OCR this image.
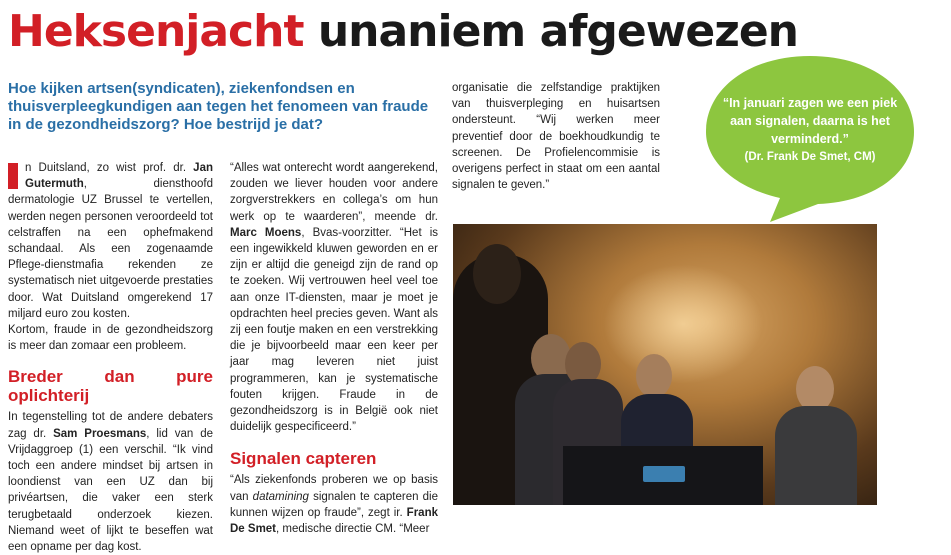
Heksenjacht unaniem afgewezen

Hoe kijken artsen(syndicaten), ziekenfondsen en thuisverpleegkundigen aan tegen het fenomeen van fraude in de gezondheidszorg? Hoe bestrijd je dat?

I	n Duitsland, zo wist prof. dr. Jan Gutermuth, diensthoofd dermatologie UZ Brussel te vertellen, werden negen personen veroordeeld tot celstraffen na een ophefmakend schandaal. Als een zogenaamde Pflege-dienstmafia rekenden ze systematisch niet uitgevoerde prestaties door. Wat Duitsland omgerekend 17 miljard euro zou kosten.

Kortom, fraude in de gezondheidszorg is meer dan zomaar een probleem.

Breder dan pure oplichterij

In tegenstelling tot de andere debaters zag dr. Sam Proesmans, lid van de Vrijdaggroep (1) een verschil. “Ik vind toch een andere mindset bij artsen in loondienst van een UZ dan bij privéartsen, die vaker een sterk terugbetaald onderzoek kiezen. Niemand weet of lijkt te beseffen wat een opname per dag kost.

“Alles wat onterecht wordt aangerekend, zouden we liever houden voor andere zorgverstrekkers en collega’s om hun werk op te waarderen”, meende dr. Marc Moens, Bvas-voorzitter. “Het is een ingewikkeld kluwen geworden en er zijn er altijd die geneigd zijn de rand op te zoeken. Wij vertrouwen heel veel toe aan onze IT-diensten, maar je moet je opdrachten heel precies geven. Want als zij een foutje maken en een verstrekking die je bijvoorbeeld maar een keer per jaar mag leveren niet juist programmeren, kan je systematische fouten krijgen. Fraude in de gezondheidszorg is in België ook niet duidelijk gespecificeerd.”

Signalen capteren

“Als ziekenfonds proberen we op basis van datamining signalen te capteren die kunnen wijzen op fraude”, zegt ir. Frank De Smet, medische directie CM. “Meer

organisatie die zelfstandige praktijken van thuisverpleging en huisartsen ondersteunt. “Wij werken meer preventief door de boekhoudkundig te screenen. De Profielencommisie is overigens perfect in staat om een aantal signalen te geven.”

“In januari zagen we een piek aan signalen, daarna is het verminderd.”
(Dr. Frank De Smet, CM)
